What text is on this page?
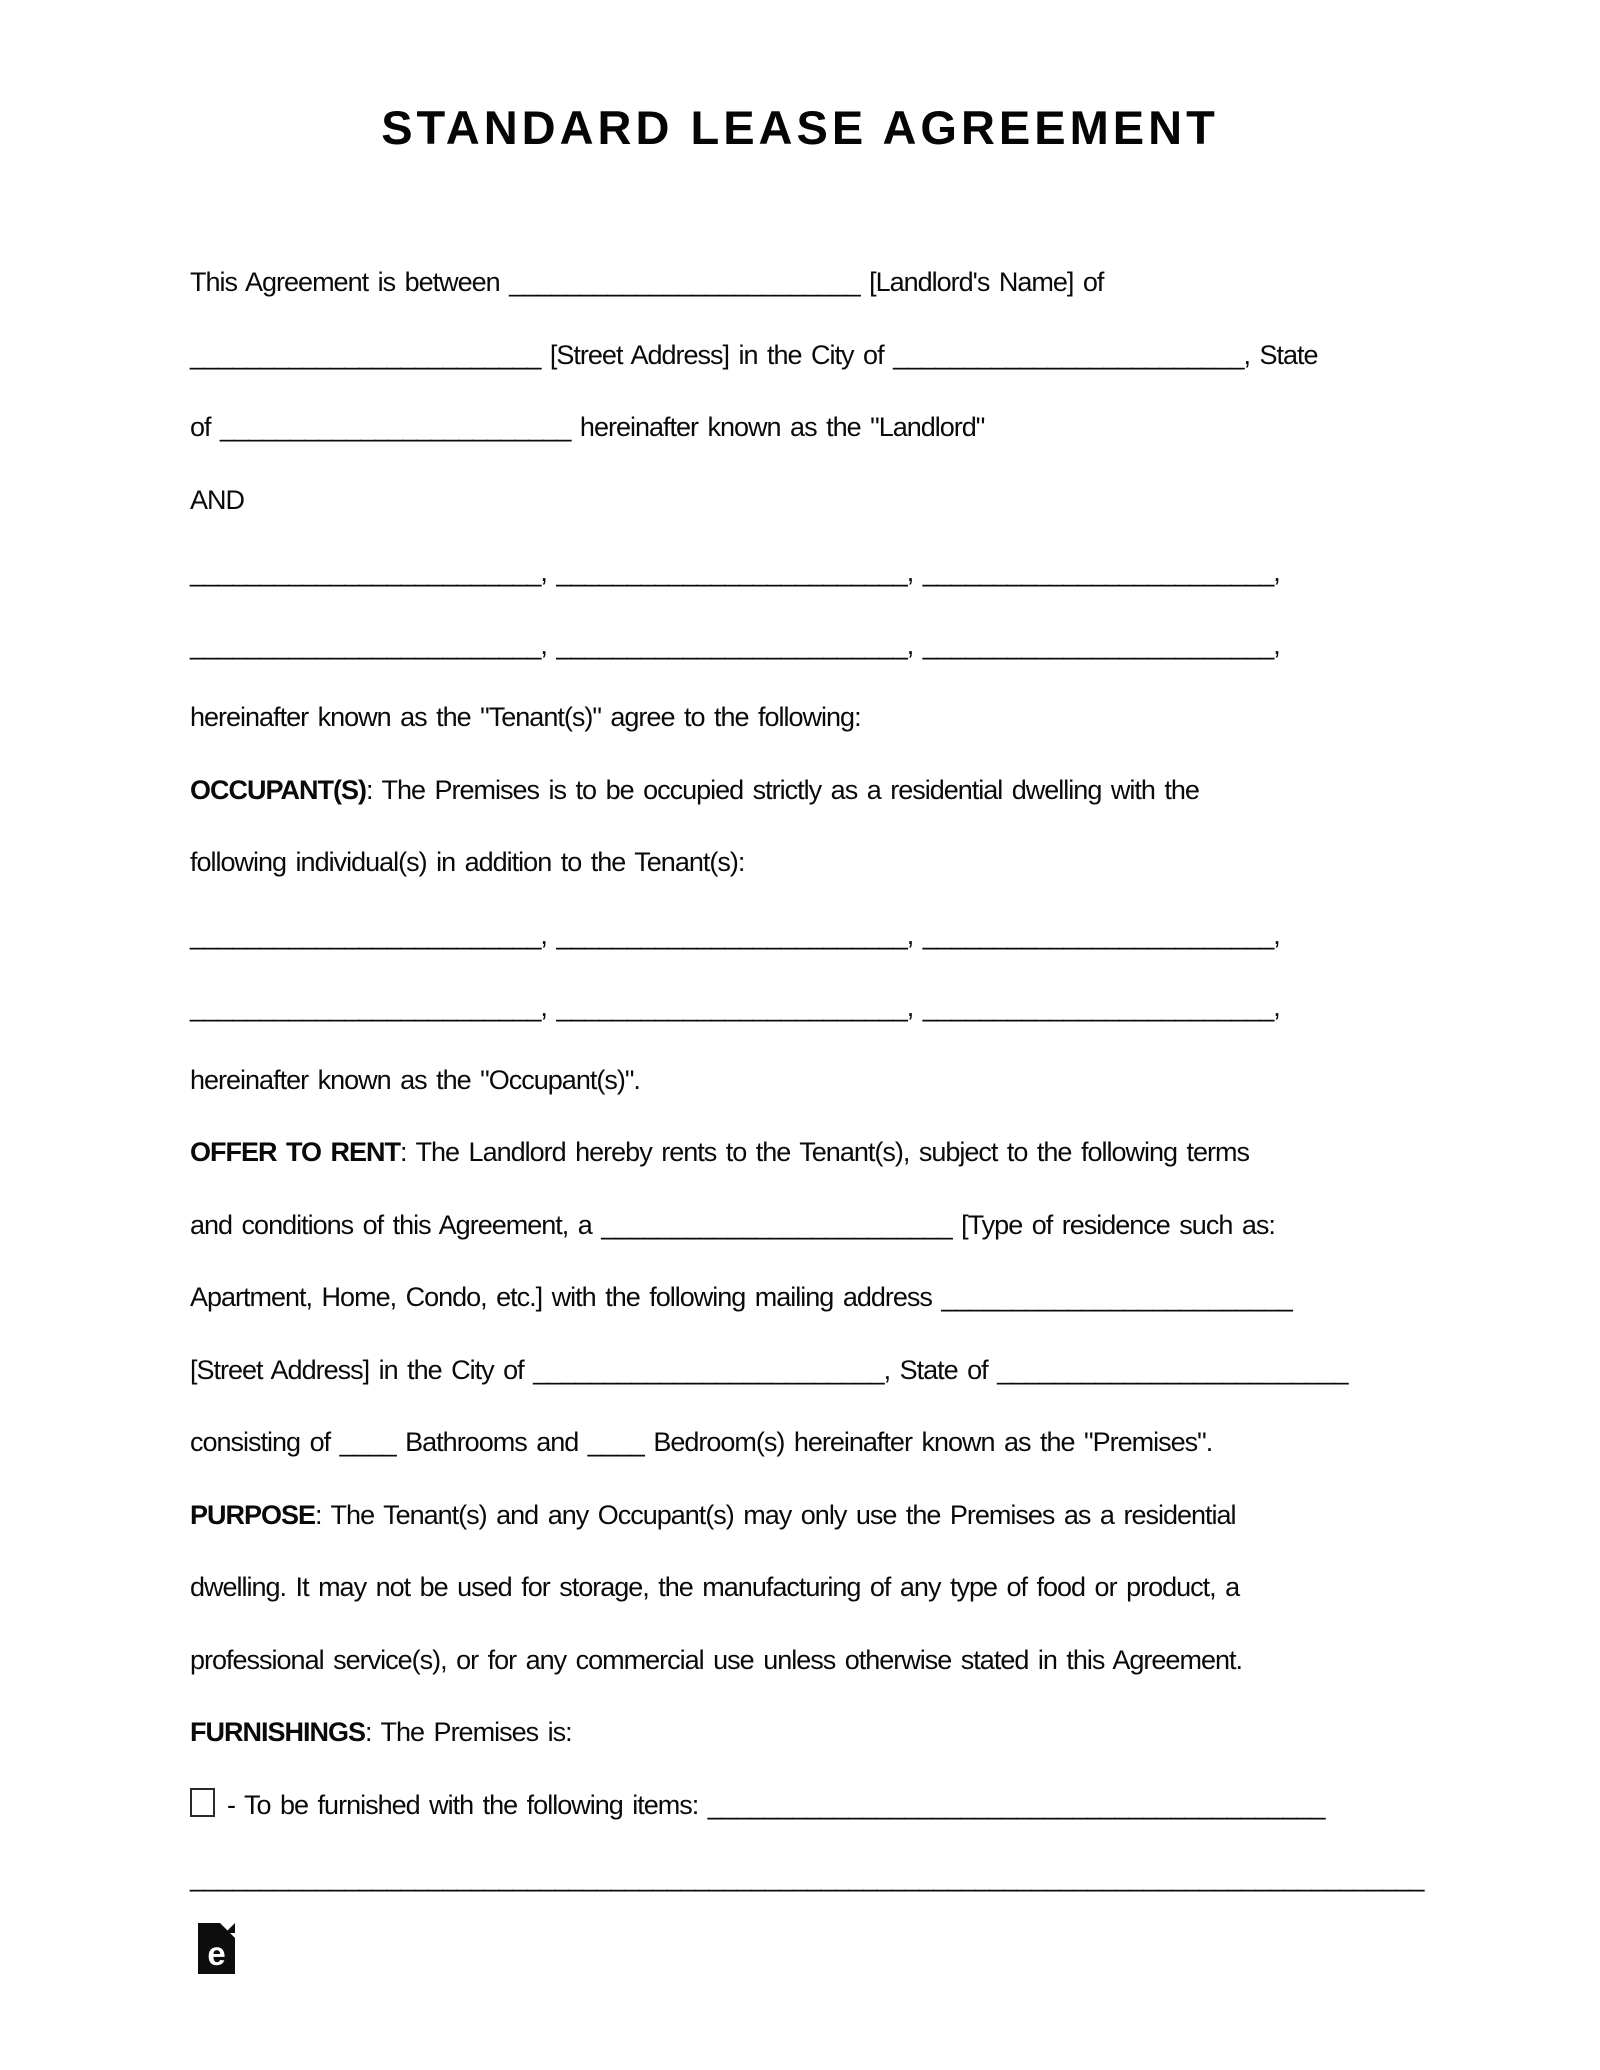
STANDARD LEASE AGREEMENT
This Agreement is between _________________________ [Landlord's Name] of
_________________________ [Street Address] in the City of _________________________, State
of _________________________ hereinafter known as the "Landlord"
AND
_________________________, _________________________, _________________________,
_________________________, _________________________, _________________________,
hereinafter known as the "Tenant(s)" agree to the following:
OCCUPANT(S): The Premises is to be occupied strictly as a residential dwelling with the
following individual(s) in addition to the Tenant(s):
_________________________, _________________________, _________________________,
_________________________, _________________________, _________________________,
hereinafter known as the "Occupant(s)".
OFFER TO RENT: The Landlord hereby rents to the Tenant(s), subject to the following terms
and conditions of this Agreement, a _________________________ [Type of residence such as:
Apartment, Home, Condo, etc.] with the following mailing address _________________________
[Street Address] in the City of _________________________, State of _________________________
consisting of ____ Bathrooms and ____ Bedroom(s) hereinafter known as the "Premises".
PURPOSE: The Tenant(s) and any Occupant(s) may only use the Premises as a residential
dwelling. It may not be used for storage, the manufacturing of any type of food or product, a
professional service(s), or for any commercial use unless otherwise stated in this Agreement.
FURNISHINGS: The Premises is:
- To be furnished with the following items: ____________________________________________
________________________________________________________________________________________
e
